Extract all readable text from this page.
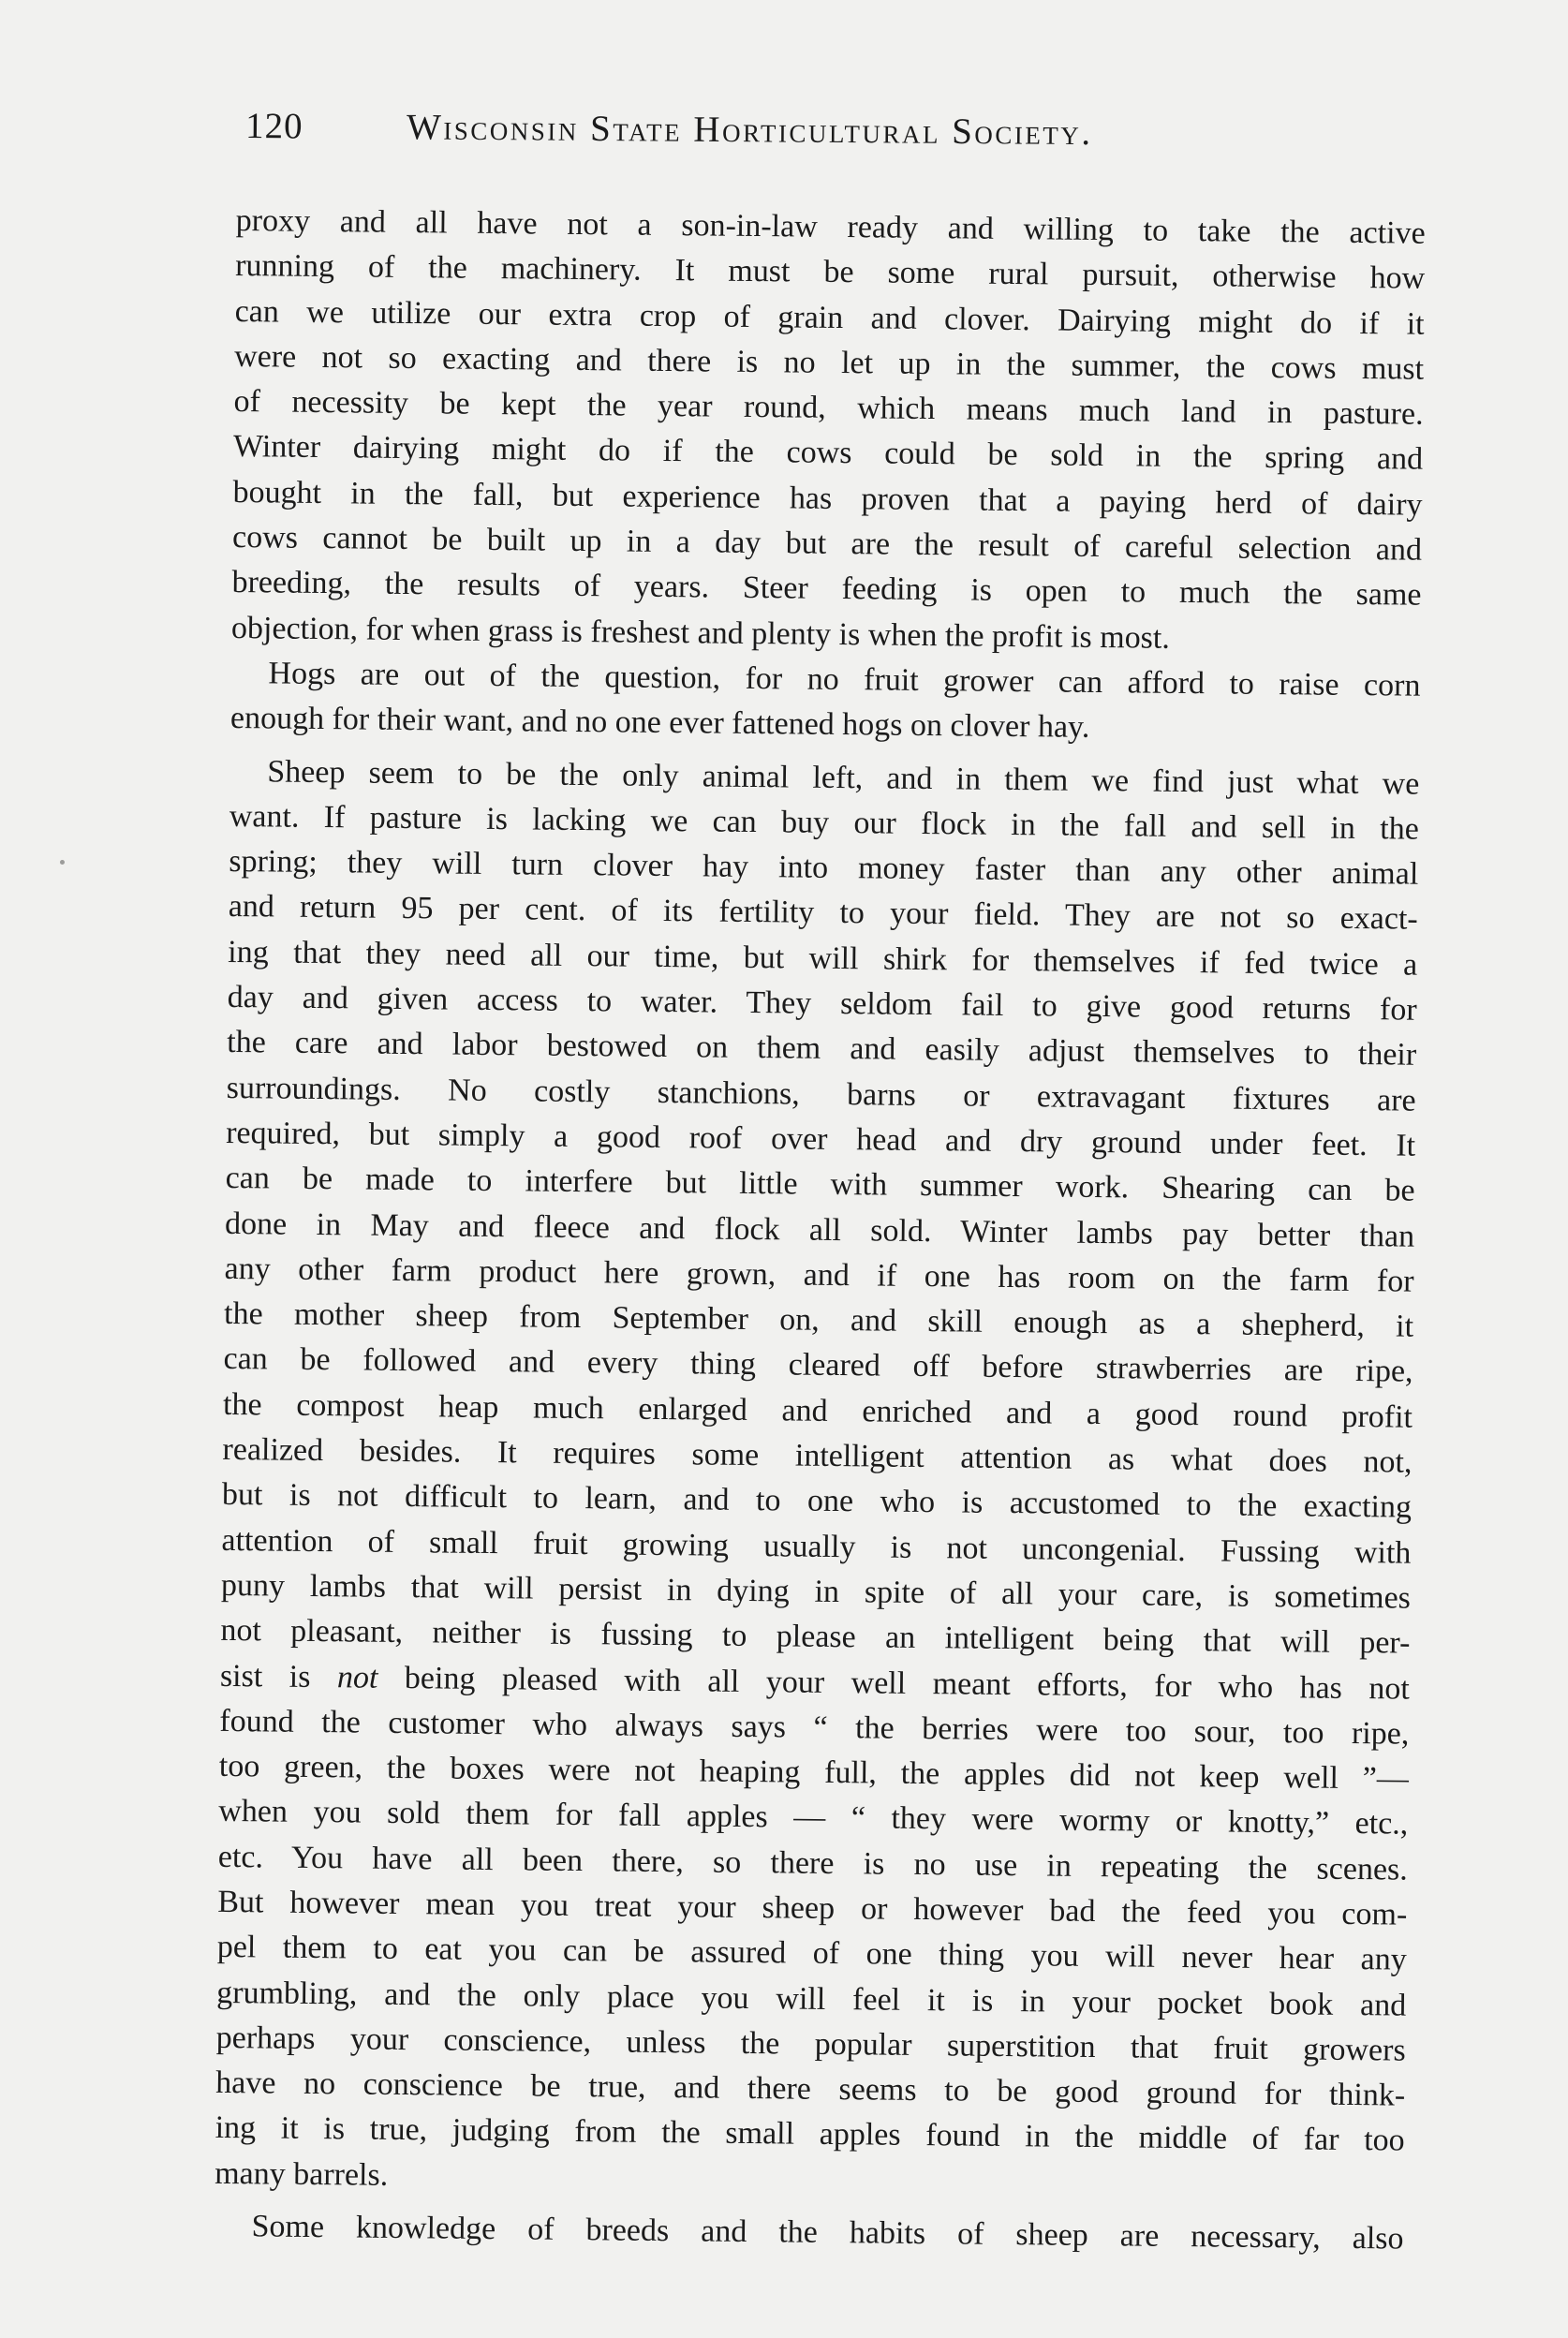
120	Wisconsin State Horticultural Society.
proxy and all have not a son-in-law ready and willing to take the active
running of the machinery. It must be some rural pursuit, otherwise how
can we utilize our extra crop of grain and clover. Dairying might do if it
were not so exacting and there is no let up in the summer, the cows must
of necessity be kept the year round, which means much land in pasture.
Winter dairying might do if the cows could be sold in the spring and
bought in the fall, but experience has proven that a paying herd of dairy
cows cannot be built up in a day but are the result of careful selection and
breeding, the results of years. Steer feeding is open to much the same
objection, for when grass is freshest and plenty is when the profit is most.
Hogs are out of the question, for no fruit grower can afford to raise corn
enough for their want, and no one ever fattened hogs on clover hay.
Sheep seem to be the only animal left, and in them we find just what we
want. If pasture is lacking we can buy our flock in the fall and sell in the
spring; they will turn clover hay into money faster than any other animal
and return 95 per cent. of its fertility to your field. They are not so exact-
ing that they need all our time, but will shirk for themselves if fed twice a
day and given access to water. They seldom fail to give good returns for
the care and labor bestowed on them and easily adjust themselves to their
surroundings. No costly stanchions, barns or extravagant fixtures are
required, but simply a good roof over head and dry ground under feet. It
can be made to interfere but little with summer work. Shearing can be
done in May and fleece and flock all sold. Winter lambs pay better than
any other farm product here grown, and if one has room on the farm for
the mother sheep from September on, and skill enough as a shepherd, it
can be followed and every thing cleared off before strawberries are ripe,
the compost heap much enlarged and enriched and a good round profit
realized besides. It requires some intelligent attention as what does not,
but is not difficult to learn, and to one who is accustomed to the exacting
attention of small fruit growing usually is not uncongenial. Fussing with
puny lambs that will persist in dying in spite of all your care, is sometimes
not pleasant, neither is fussing to please an intelligent being that will per-
sist is not being pleased with all your well meant efforts, for who has not
found the customer who always says “ the berries were too sour, too ripe,
too green, the boxes were not heaping full, the apples did not keep well ”—
when you sold them for fall apples — “ they were wormy or knotty,” etc.,
etc. You have all been there, so there is no use in repeating the scenes.
But however mean you treat your sheep or however bad the feed you com-
pel them to eat you can be assured of one thing you will never hear any
grumbling, and the only place you will feel it is in your pocket book and
perhaps your conscience, unless the popular superstition that fruit growers
have no conscience be true, and there seems to be good ground for think-
ing it is true, judging from the small apples found in the middle of far too
many barrels.
Some knowledge of breeds and the habits of sheep are necessary, also
